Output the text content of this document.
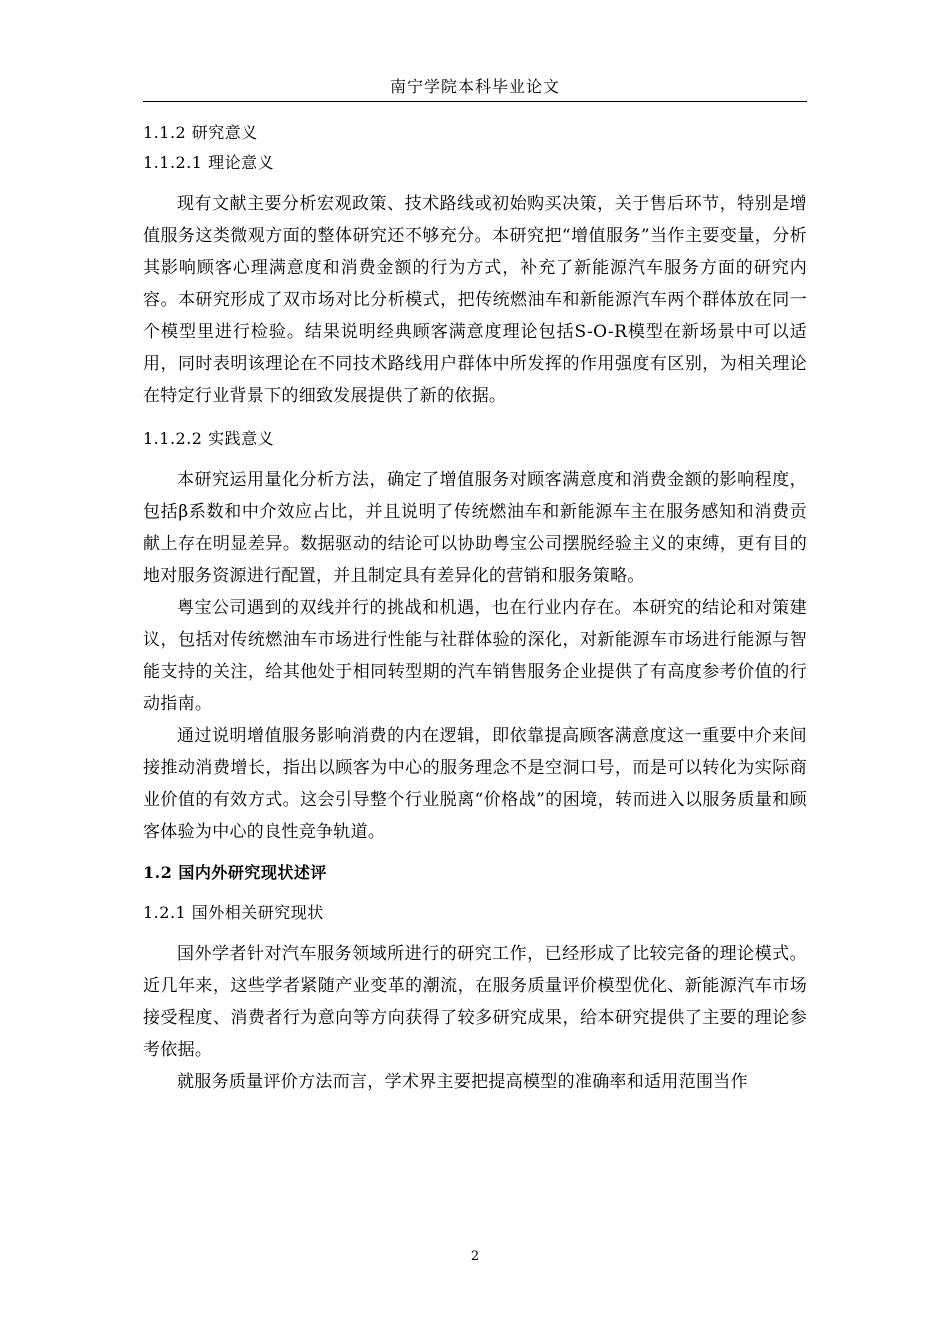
南宁学院本科毕业论文
1.1.2 研究意义
1.1.2.1 理论意义

现有文献主要分析宏观政策、技术路线或初始购买决策，关于售后环节，特别是增值服务这类微观方面的整体研究还不够充分。本研究把“增值服务”当作主要变量，分析其影响顾客心理满意度和消费金额的行为方式，补充了新能源汽车服务方面的研究内容。本研究形成了双市场对比分析模式，把传统燃油车和新能源汽车两个群体放在同一个模型里进行检验。结果说明经典顾客满意度理论包括S-O-R模型在新场景中可以适用，同时表明该理论在不同技术路线用户群体中所发挥的作用强度有区别，为相关理论在特定行业背景下的细致发展提供了新的依据。

1.1.2.2 实践意义

本研究运用量化分析方法，确定了增值服务对顾客满意度和消费金额的影响程度，包括β系数和中介效应占比，并且说明了传统燃油车和新能源车主在服务感知和消费贡献上存在明显差异。数据驱动的结论可以协助粤宝公司摆脱经验主义的束缚，更有目的地对服务资源进行配置，并且制定具有差异化的营销和服务策略。

粤宝公司遇到的双线并行的挑战和机遇，也在行业内存在。本研究的结论和对策建议，包括对传统燃油车市场进行性能与社群体验的深化，对新能源车市场进行能源与智能支持的关注，给其他处于相同转型期的汽车销售服务企业提供了有高度参考价值的行动指南。

通过说明增值服务影响消费的内在逻辑，即依靠提高顾客满意度这一重要中介来间接推动消费增长，指出以顾客为中心的服务理念不是空洞口号，而是可以转化为实际商业价值的有效方式。这会引导整个行业脱离“价格战”的困境，转而进入以服务质量和顾客体验为中心的良性竞争轨道。

1.2 国内外研究现状述评
1.2.1 国外相关研究现状

国外学者针对汽车服务领域所进行的研究工作，已经形成了比较完备的理论模式。近几年来，这些学者紧随产业变革的潮流，在服务质量评价模型优化、新能源汽车市场接受程度、消费者行为意向等方向获得了较多研究成果，给本研究提供了主要的理论参考依据。

就服务质量评价方法而言，学术界主要把提高模型的准确率和适用范围当作

2
